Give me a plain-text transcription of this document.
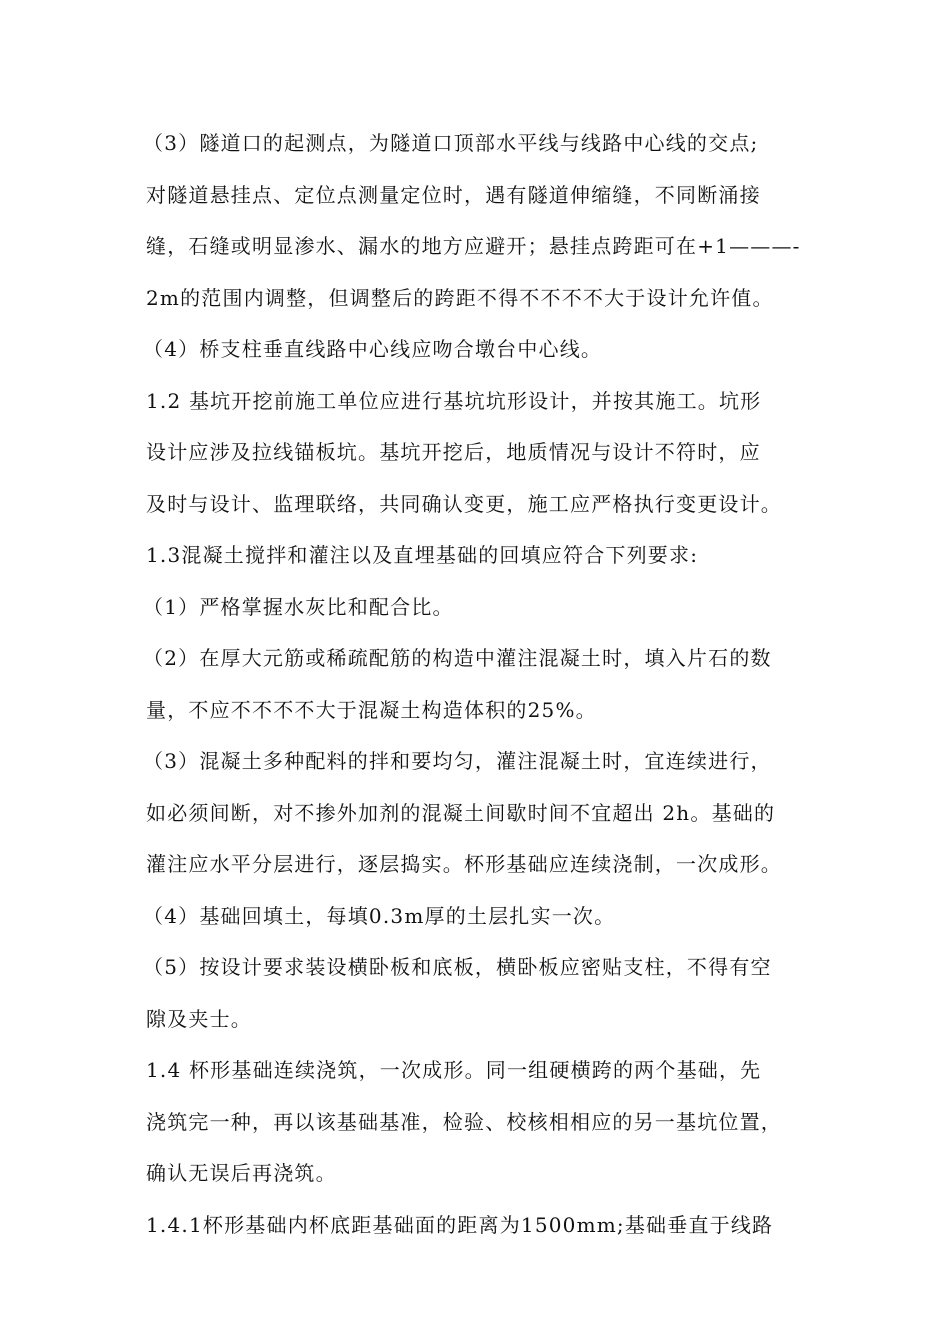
（3）隧道口的起测点，为隧道口顶部水平线与线路中心线的交点;
对隧道悬挂点、定位点测量定位时，遇有隧道伸缩缝，不同断涌接
缝，石缝或明显渗水、漏水的地方应避开；悬挂点跨距可在+1———-
2m的范围内调整，但调整后的跨距不得不不不不大于设计允许值。
（4）桥支柱垂直线路中心线应吻合墩台中心线。
1.2 基坑开挖前施工单位应进行基坑坑形设计，并按其施工。坑形
设计应涉及拉线锚板坑。基坑开挖后，地质情况与设计不符时，应
及时与设计、监理联络，共同确认变更，施工应严格执行变更设计。
1.3混凝土搅拌和灌注以及直埋基础的回填应符合下列要求:
（1）严格掌握水灰比和配合比。
（2）在厚大元筋或稀疏配筋的构造中灌注混凝土时，填入片石的数
量，不应不不不不大于混凝土构造体积的25%。
（3）混凝土多种配料的拌和要均匀，灌注混凝土时，宜连续进行，
如必须间断，对不掺外加剂的混凝土间歇时间不宜超出 2h。基础的
灌注应水平分层进行，逐层捣实。杯形基础应连续浇制，一次成形。
（4）基础回填土，每填0.3m厚的土层扎实一次。
（5）按设计要求装设横卧板和底板，横卧板应密贴支柱，不得有空
隙及夹士。
1.4 杯形基础连续浇筑，一次成形。同一组硬横跨的两个基础，先
浇筑完一种，再以该基础基准，检验、校核相相应的另一基坑位置，
确认无误后再浇筑。
1.4.1杯形基础内杯底距基础面的距离为1500mm;基础垂直于线路
